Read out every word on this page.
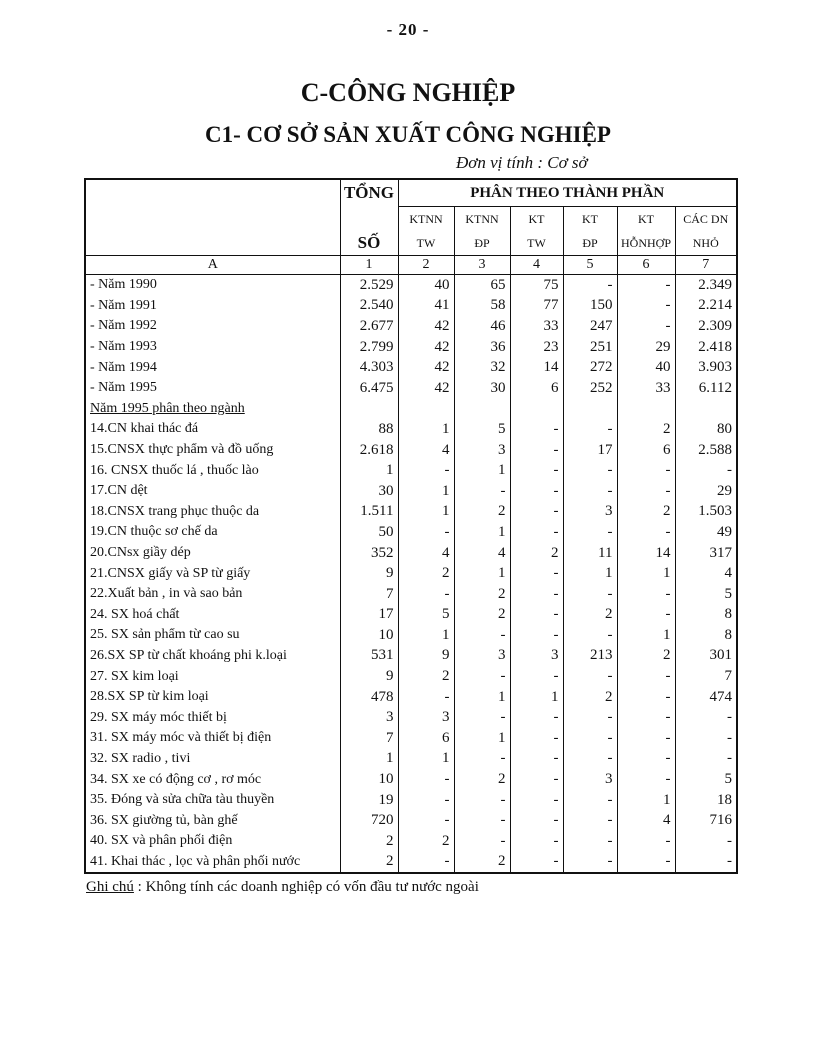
- 20 -
C-CÔNG NGHIỆP
C1- CƠ SỞ SẢN XUẤT CÔNG NGHIỆP
Đơn vị tính : Cơ sở
	TỔNG	PHÂN THEO THÀNH PHẦN					
		KTNN	KTNN	KT	KT	KT	CÁC DN
	SỐ	TW	ĐP	TW	ĐP	HỖNHỢP	NHỎ
A	1	2	3	4	5	6	7
- Năm 1990	2.529	40	65	75	-	-	2.349
- Năm 1991	2.540	41	58	77	150	-	2.214
- Năm 1992	2.677	42	46	33	247	-	2.309
- Năm 1993	2.799	42	36	23	251	29	2.418
- Năm 1994	4.303	42	32	14	272	40	3.903
- Năm 1995	6.475	42	30	6	252	33	6.112
Năm 1995 phân theo ngành							
14.CN khai thác đá	88	1	5	-	-	2	80
15.CNSX thực phẩm và đồ uống	2.618	4	3	-	17	6	2.588
16. CNSX thuốc lá , thuốc lào	1	-	1	-	-	-	-
17.CN dệt	30	1	-	-	-	-	29
18.CNSX trang phục thuộc da	1.511	1	2	-	3	2	1.503
19.CN thuộc sơ chế da	50	-	1	-	-	-	49
20.CNsx giầy dép	352	4	4	2	11	14	317
21.CNSX giấy và SP từ giấy	9	2	1	-	1	1	4
22.Xuất bản , in và sao bản	7	-	2	-	-	-	5
24. SX hoá chất	17	5	2	-	2	-	8
25. SX sản phẩm từ cao su	10	1	-	-	-	1	8
26.SX SP từ chất khoáng phi k.loại	531	9	3	3	213	2	301
27. SX kim loại	9	2	-	-	-	-	7
28.SX SP từ kim loại	478	-	1	1	2	-	474
29. SX máy móc thiết bị	3	3	-	-	-	-	-
31. SX máy móc và thiết bị điện	7	6	1	-	-	-	-
32. SX radio , tivi	1	1	-	-	-	-	-
34. SX xe có động cơ , rơ móc	10	-	2	-	3	-	5
35. Đóng và sửa chữa tàu thuyền	19	-	-	-	-	1	18
36. SX giường tủ, bàn ghế	720	-	-	-	-	4	716
40. SX và phân phối điện	2	2	-	-	-	-	-
41. Khai thác , lọc và phân phối nước	2	-	2	-	-	-	-
Ghi chú : Không tính các doanh nghiệp có vốn đầu tư nước ngoài
